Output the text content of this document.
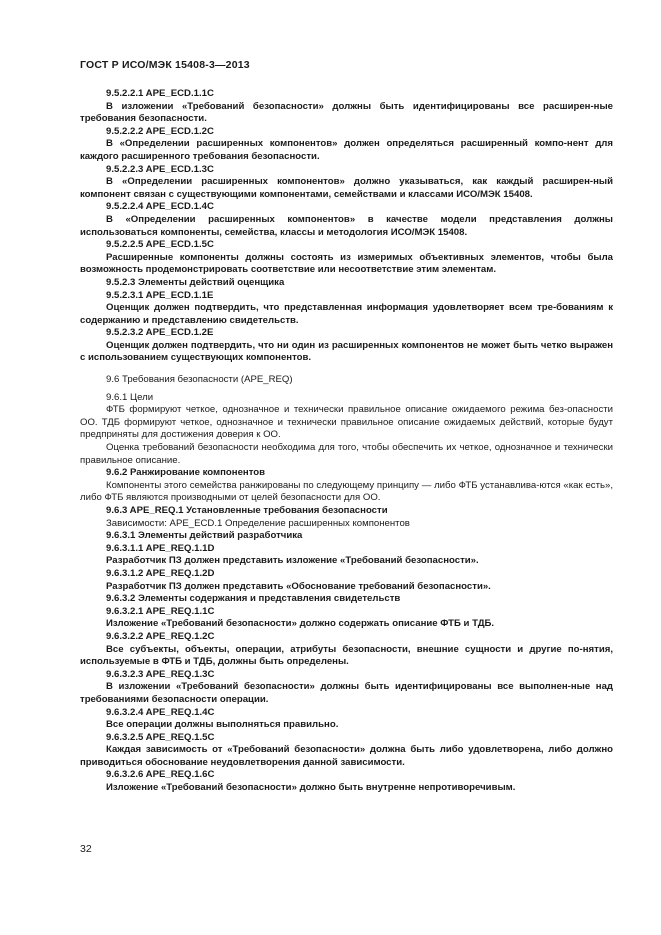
ГОСТ Р ИСО/МЭК 15408-3—2013

9.5.2.2.1 APE_ECD.1.1C

В изложении «Требований безопасности» должны быть идентифицированы все расширен-ные требования безопасности.

9.5.2.2.2 APE_ECD.1.2C

В «Определении расширенных компонентов» должен определяться расширенный компо-нент для каждого расширенного требования безопасности.

9.5.2.2.3 APE_ECD.1.3C

В «Определении расширенных компонентов» должно указываться, как каждый расширен-ный компонент связан с существующими компонентами, семействами и классами ИСО/МЭК 15408.

9.5.2.2.4 APE_ECD.1.4C

В «Определении расширенных компонентов» в качестве модели представления должны использоваться компоненты, семейства, классы и методология ИСО/МЭК 15408.

9.5.2.2.5 APE_ECD.1.5C

Расширенные компоненты должны состоять из измеримых объективных элементов, чтобы была возможность продемонстрировать соответствие или несоответствие этим элементам.

9.5.2.3 Элементы действий оценщика

9.5.2.3.1 APE_ECD.1.1E

Оценщик должен подтвердить, что представленная информация удовлетворяет всем тре-бованиям к содержанию и представлению свидетельств.

9.5.2.3.2 APE_ECD.1.2E

Оценщик должен подтвердить, что ни один из расширенных компонентов не может быть четко выражен с использованием существующих компонентов.

9.6 Требования безопасности (APE_REQ)

9.6.1 Цели

ФТБ формируют четкое, однозначное и технически правильное описание ожидаемого режима без-опасности ОО. ТДБ формируют четкое, однозначное и технически правильное описание ожидаемых действий, которые будут предприняты для достижения доверия к ОО.

Оценка требований безопасности необходима для того, чтобы обеспечить их четкое, однозначное и технически правильное описание.

9.6.2 Ранжирование компонентов

Компоненты этого семейства ранжированы по следующему принципу — либо ФТБ устанавлива-ются «как есть», либо ФТБ являются производными от целей безопасности для ОО.

9.6.3 APE_REQ.1 Установленные требования безопасности

Зависимости: APE_ECD.1 Определение расширенных компонентов

9.6.3.1 Элементы действий разработчика

9.6.3.1.1 APE_REQ.1.1D

Разработчик ПЗ должен представить изложение «Требований безопасности».

9.6.3.1.2 APE_REQ.1.2D

Разработчик ПЗ должен представить «Обоснование требований безопасности».

9.6.3.2 Элементы содержания и представления свидетельств

9.6.3.2.1 APE_REQ.1.1C

Изложение «Требований безопасности» должно содержать описание ФТБ и ТДБ.

9.6.3.2.2 APE_REQ.1.2C

Все субъекты, объекты, операции, атрибуты безопасности, внешние сущности и другие по-нятия, используемые в ФТБ и ТДБ, должны быть определены.

9.6.3.2.3 APE_REQ.1.3C

В изложении «Требований безопасности» должны быть идентифицированы все выполнен-ные над требованиями безопасности операции.

9.6.3.2.4 APE_REQ.1.4C

Все операции должны выполняться правильно.

9.6.3.2.5 APE_REQ.1.5C

Каждая зависимость от «Требований безопасности» должна быть либо удовлетворена, либо должно приводиться обоснование неудовлетворения данной зависимости.

9.6.3.2.6 APE_REQ.1.6C

Изложение «Требований безопасности» должно быть внутренне непротиворечивым.

32
